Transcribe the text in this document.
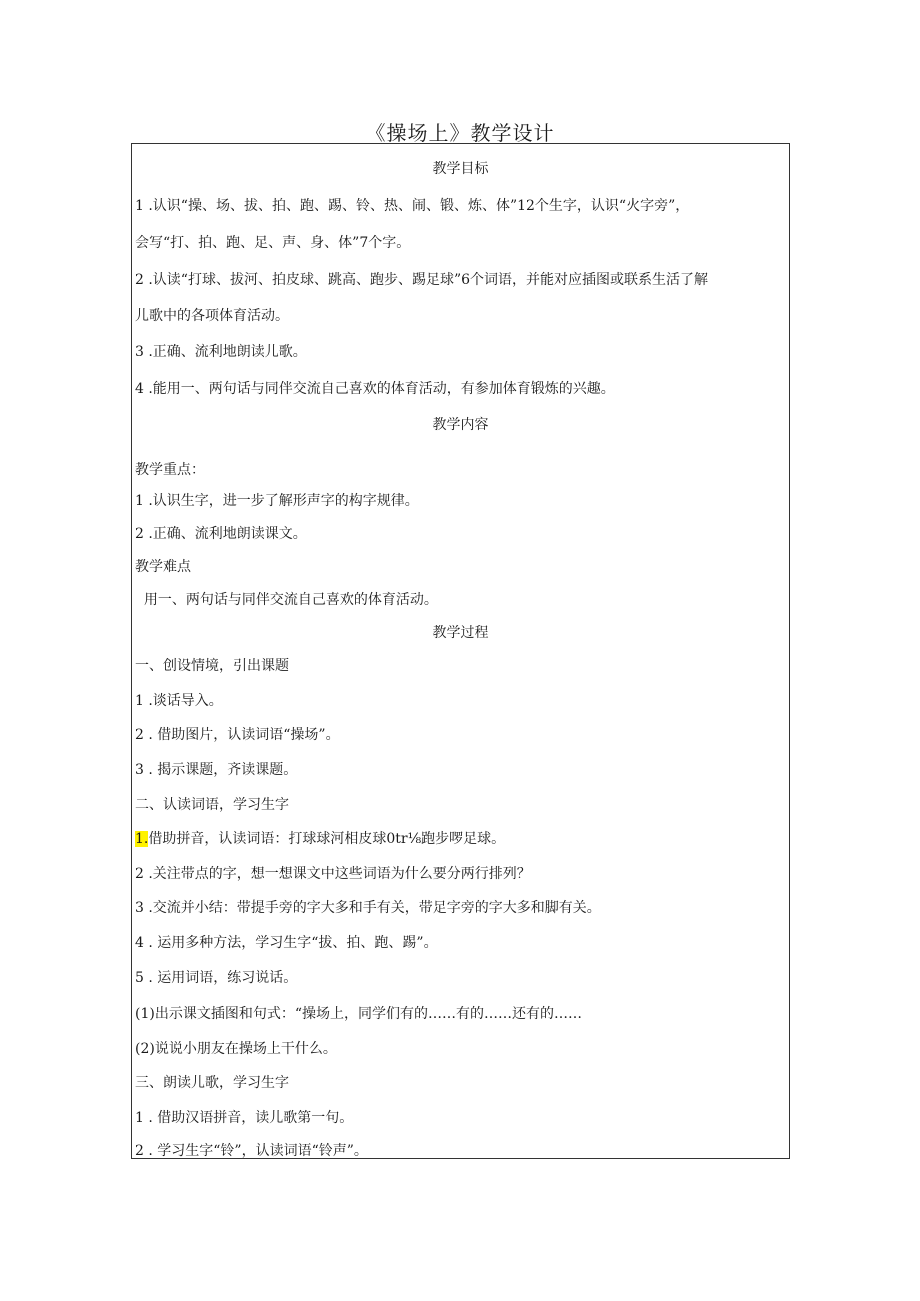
《操场上》教学设计
教学目标
1 .认识“操、场、拔、拍、跑、踢、铃、热、闹、锻、炼、体”12个生字，认识“火字旁”，
会写“打、拍、跑、足、声、身、体”7个字。
2 .认读“打球、拔河、拍皮球、跳高、跑步、踢足球”6个词语，并能对应插图或联系生活了解
儿歌中的各项体育活动。
3 .正确、流利地朗读儿歌。
4 .能用一、两句话与同伴交流自己喜欢的体育活动，有参加体育锻炼的兴趣。
教学内容
教学重点：
1 .认识生字，进一步了解形声字的构字规律。
2 .正确、流利地朗读课文。
教学难点
用一、两句话与同伴交流自己喜欢的体育活动。
教学过程
一、创设情境，引出课题
1 .谈话导入。
2 . 借助图片，认读词语“操场”。
3 . 揭示课题，齐读课题。
二、认读词语，学习生字
1.借助拼音，认读词语：打球球河相皮球0tr⅛跑步啰足球。
2 .关注带点的字，想一想课文中这些词语为什么要分两行排列？
3 .交流并小结：带提手旁的字大多和手有关，带足字旁的字大多和脚有关。
4 . 运用多种方法，学习生字“拔、拍、跑、踢”。
5 . 运用词语，练习说话。
(1)出示课文插图和句式：“操场上，同学们有的……有的……还有的……
(2)说说小朋友在操场上干什么。
三、朗读儿歌，学习生字
1 . 借助汉语拼音，读儿歌第一句。
2 . 学习生字“铃”，认读词语“铃声”。
